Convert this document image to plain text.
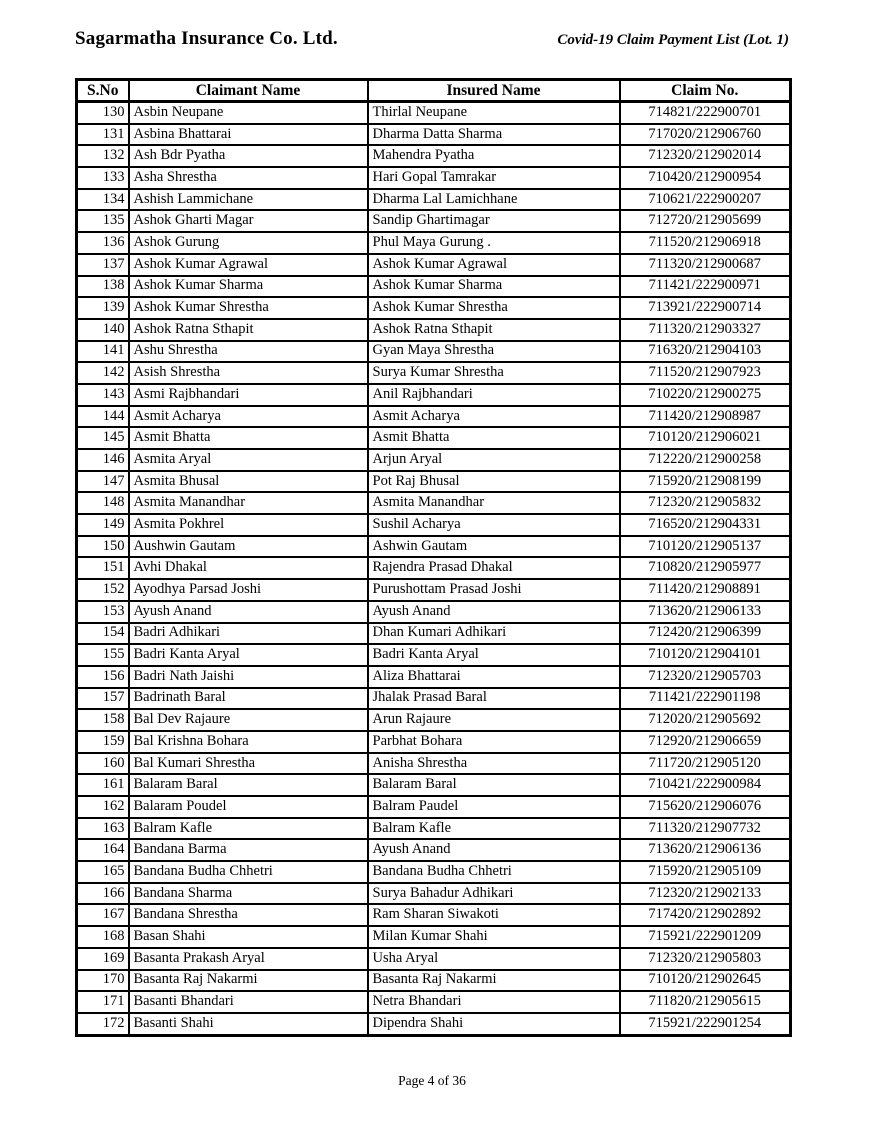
Sagarmatha Insurance Co. Ltd.	Covid-19 Claim Payment List (Lot. 1)
S.No	Claimant Name	Insured Name	Claim No.
130	Asbin Neupane	Thirlal Neupane	714821/222900701
131	Asbina Bhattarai	Dharma Datta Sharma	717020/212906760
132	Ash Bdr Pyatha	Mahendra Pyatha	712320/212902014
133	Asha Shrestha	Hari Gopal Tamrakar	710420/212900954
134	Ashish Lammichane	Dharma Lal Lamichhane	710621/222900207
135	Ashok Gharti Magar	Sandip Ghartimagar	712720/212905699
136	Ashok Gurung	Phul Maya Gurung .	711520/212906918
137	Ashok Kumar Agrawal	Ashok Kumar Agrawal	711320/212900687
138	Ashok Kumar Sharma	Ashok Kumar Sharma	711421/222900971
139	Ashok Kumar Shrestha	Ashok Kumar Shrestha	713921/222900714
140	Ashok Ratna Sthapit	Ashok Ratna Sthapit	711320/212903327
141	Ashu Shrestha	Gyan Maya Shrestha	716320/212904103
142	Asish Shrestha	Surya Kumar Shrestha	711520/212907923
143	Asmi Rajbhandari	Anil Rajbhandari	710220/212900275
144	Asmit Acharya	Asmit Acharya	711420/212908987
145	Asmit Bhatta	Asmit Bhatta	710120/212906021
146	Asmita Aryal	Arjun Aryal	712220/212900258
147	Asmita Bhusal	Pot Raj Bhusal	715920/212908199
148	Asmita Manandhar	Asmita Manandhar	712320/212905832
149	Asmita Pokhrel	Sushil Acharya	716520/212904331
150	Aushwin Gautam	Ashwin Gautam	710120/212905137
151	Avhi Dhakal	Rajendra Prasad Dhakal	710820/212905977
152	Ayodhya Parsad Joshi	Purushottam Prasad Joshi	711420/212908891
153	Ayush Anand	Ayush Anand	713620/212906133
154	Badri Adhikari	Dhan Kumari Adhikari	712420/212906399
155	Badri Kanta Aryal	Badri Kanta Aryal	710120/212904101
156	Badri Nath Jaishi	Aliza Bhattarai	712320/212905703
157	Badrinath Baral	Jhalak Prasad Baral	711421/222901198
158	Bal Dev Rajaure	Arun Rajaure	712020/212905692
159	Bal Krishna Bohara	Parbhat Bohara	712920/212906659
160	Bal Kumari Shrestha	Anisha Shrestha	711720/212905120
161	Balaram Baral	Balaram Baral	710421/222900984
162	Balaram Poudel	Balram Paudel	715620/212906076
163	Balram Kafle	Balram Kafle	711320/212907732
164	Bandana Barma	Ayush Anand	713620/212906136
165	Bandana Budha Chhetri	Bandana Budha Chhetri	715920/212905109
166	Bandana Sharma	Surya Bahadur Adhikari	712320/212902133
167	Bandana Shrestha	Ram Sharan Siwakoti	717420/212902892
168	Basan Shahi	Milan Kumar Shahi	715921/222901209
169	Basanta Prakash Aryal	Usha Aryal	712320/212905803
170	Basanta Raj Nakarmi	Basanta Raj Nakarmi	710120/212902645
171	Basanti Bhandari	Netra Bhandari	711820/212905615
172	Basanti Shahi	Dipendra Shahi	715921/222901254
Page 4 of 36
